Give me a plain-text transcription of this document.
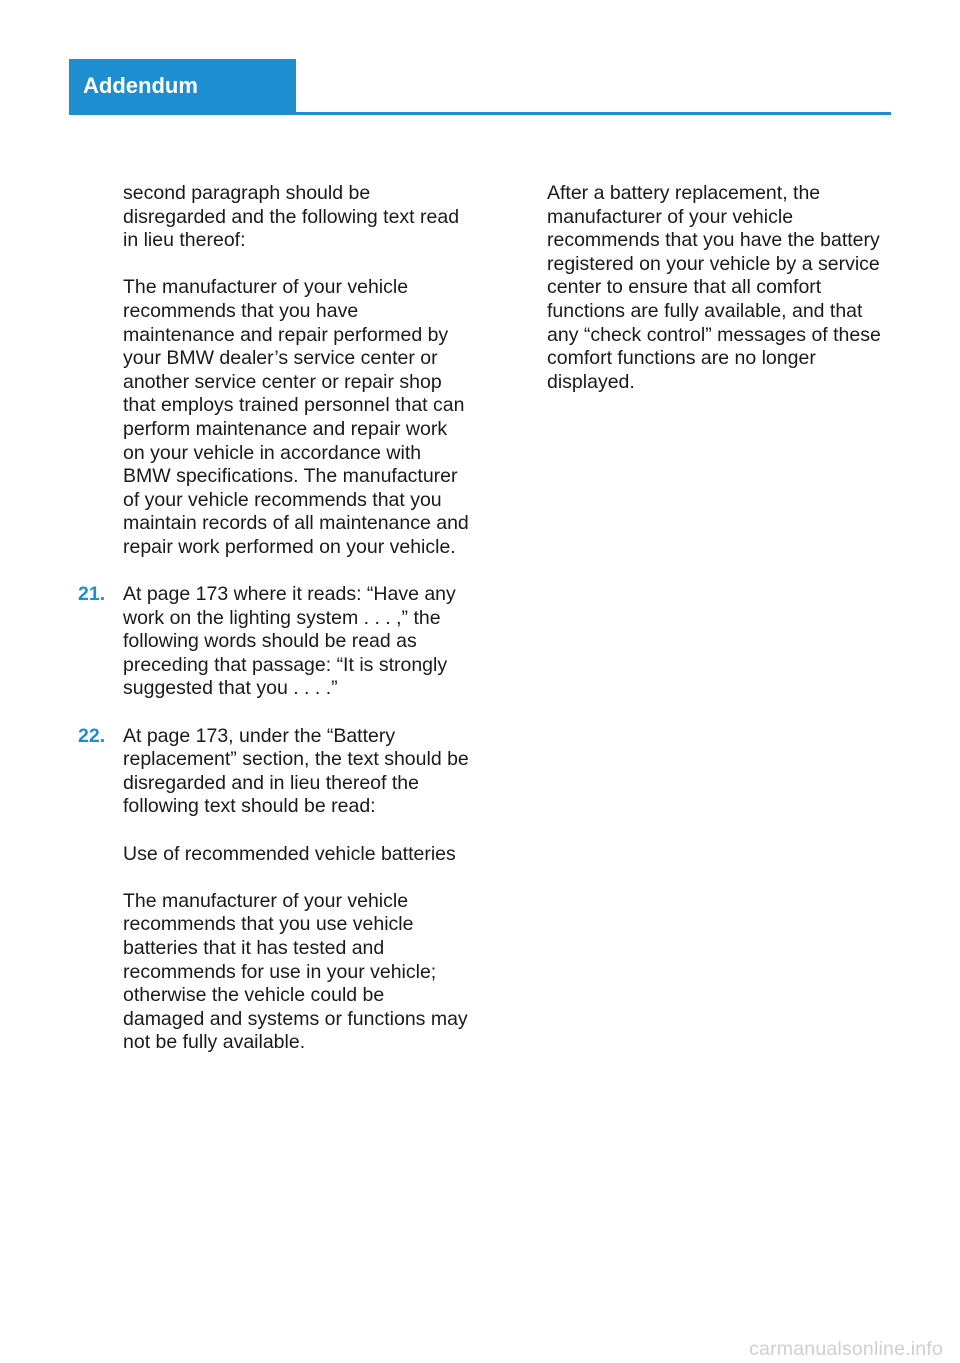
Addendum

second paragraph should be disregarded and the following text read in lieu thereof:

The manufacturer of your vehicle recommends that you have maintenance and repair performed by your BMW dealer’s service center or another service center or repair shop that employs trained personnel that can perform maintenance and repair work on your vehicle in accordance with BMW specifications. The manufacturer of your vehicle recommends that you maintain records of all maintenance and repair work performed on your vehicle.

21. At page 173 where it reads: “Have any work on the lighting system . . . ,” the following words should be read as preceding that passage: “It is strongly suggested that you . . . .”
22. At page 173, under the “Battery replacement” section, the text should be disregarded and in lieu thereof the following text should be read:

Use of recommended vehicle batteries

The manufacturer of your vehicle recommends that you use vehicle batteries that it has tested and recommends for use in your vehicle; otherwise the vehicle could be damaged and systems or functions may not be fully available.

After a battery replacement, the manufacturer of your vehicle recommends that you have the battery registered on your vehicle by a service center to ensure that all comfort functions are fully available, and that any “check control” messages of these comfort functions are no longer displayed.

carmanualsonline.info
